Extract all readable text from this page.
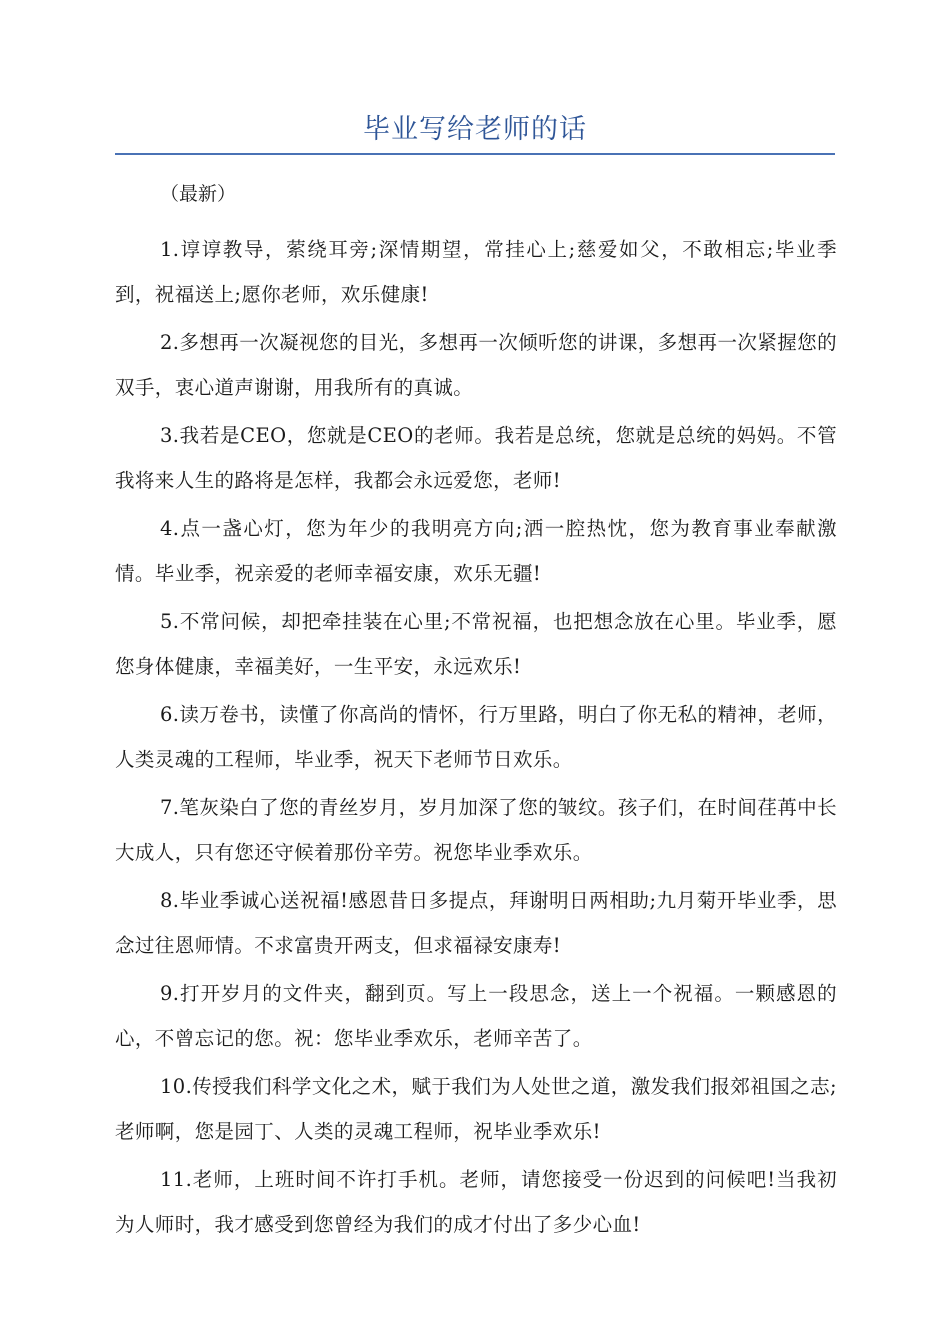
毕业写给老师的话
（最新）

1.谆谆教导，萦绕耳旁;深情期望，常挂心上;慈爱如父，不敢相忘;毕业季到，祝福送上;愿你老师，欢乐健康!

2.多想再一次凝视您的目光，多想再一次倾听您的讲课，多想再一次紧握您的双手，衷心道声谢谢，用我所有的真诚。

3.我若是CEO，您就是CEO的老师。我若是总统，您就是总统的妈妈。不管我将来人生的路将是怎样，我都会永远爱您，老师!

4.点一盏心灯，您为年少的我明亮方向;洒一腔热忱，您为教育事业奉献激情。毕业季，祝亲爱的老师幸福安康，欢乐无疆!

5.不常问候，却把牵挂装在心里;不常祝福，也把想念放在心里。毕业季，愿您身体健康，幸福美好，一生平安，永远欢乐!

6.读万卷书，读懂了你高尚的情怀，行万里路，明白了你无私的精神，老师，人类灵魂的工程师，毕业季，祝天下老师节日欢乐。

7.笔灰染白了您的青丝岁月，岁月加深了您的皱纹。孩子们，在时间荏苒中长大成人，只有您还守候着那份辛劳。祝您毕业季欢乐。

8.毕业季诚心送祝福!感恩昔日多提点，拜谢明日两相助;九月菊开毕业季，思念过往恩师情。不求富贵开两支，但求福禄安康寿!

9.打开岁月的文件夹，翻到页。写上一段思念，送上一个祝福。一颗感恩的心，不曾忘记的您。祝：您毕业季欢乐，老师辛苦了。

10.传授我们科学文化之术，赋于我们为人处世之道，激发我们报郊祖国之志;老师啊，您是园丁、人类的灵魂工程师，祝毕业季欢乐!

11.老师，上班时间不许打手机。老师，请您接受一份迟到的问候吧!当我初为人师时，我才感受到您曾经为我们的成才付出了多少心血!
